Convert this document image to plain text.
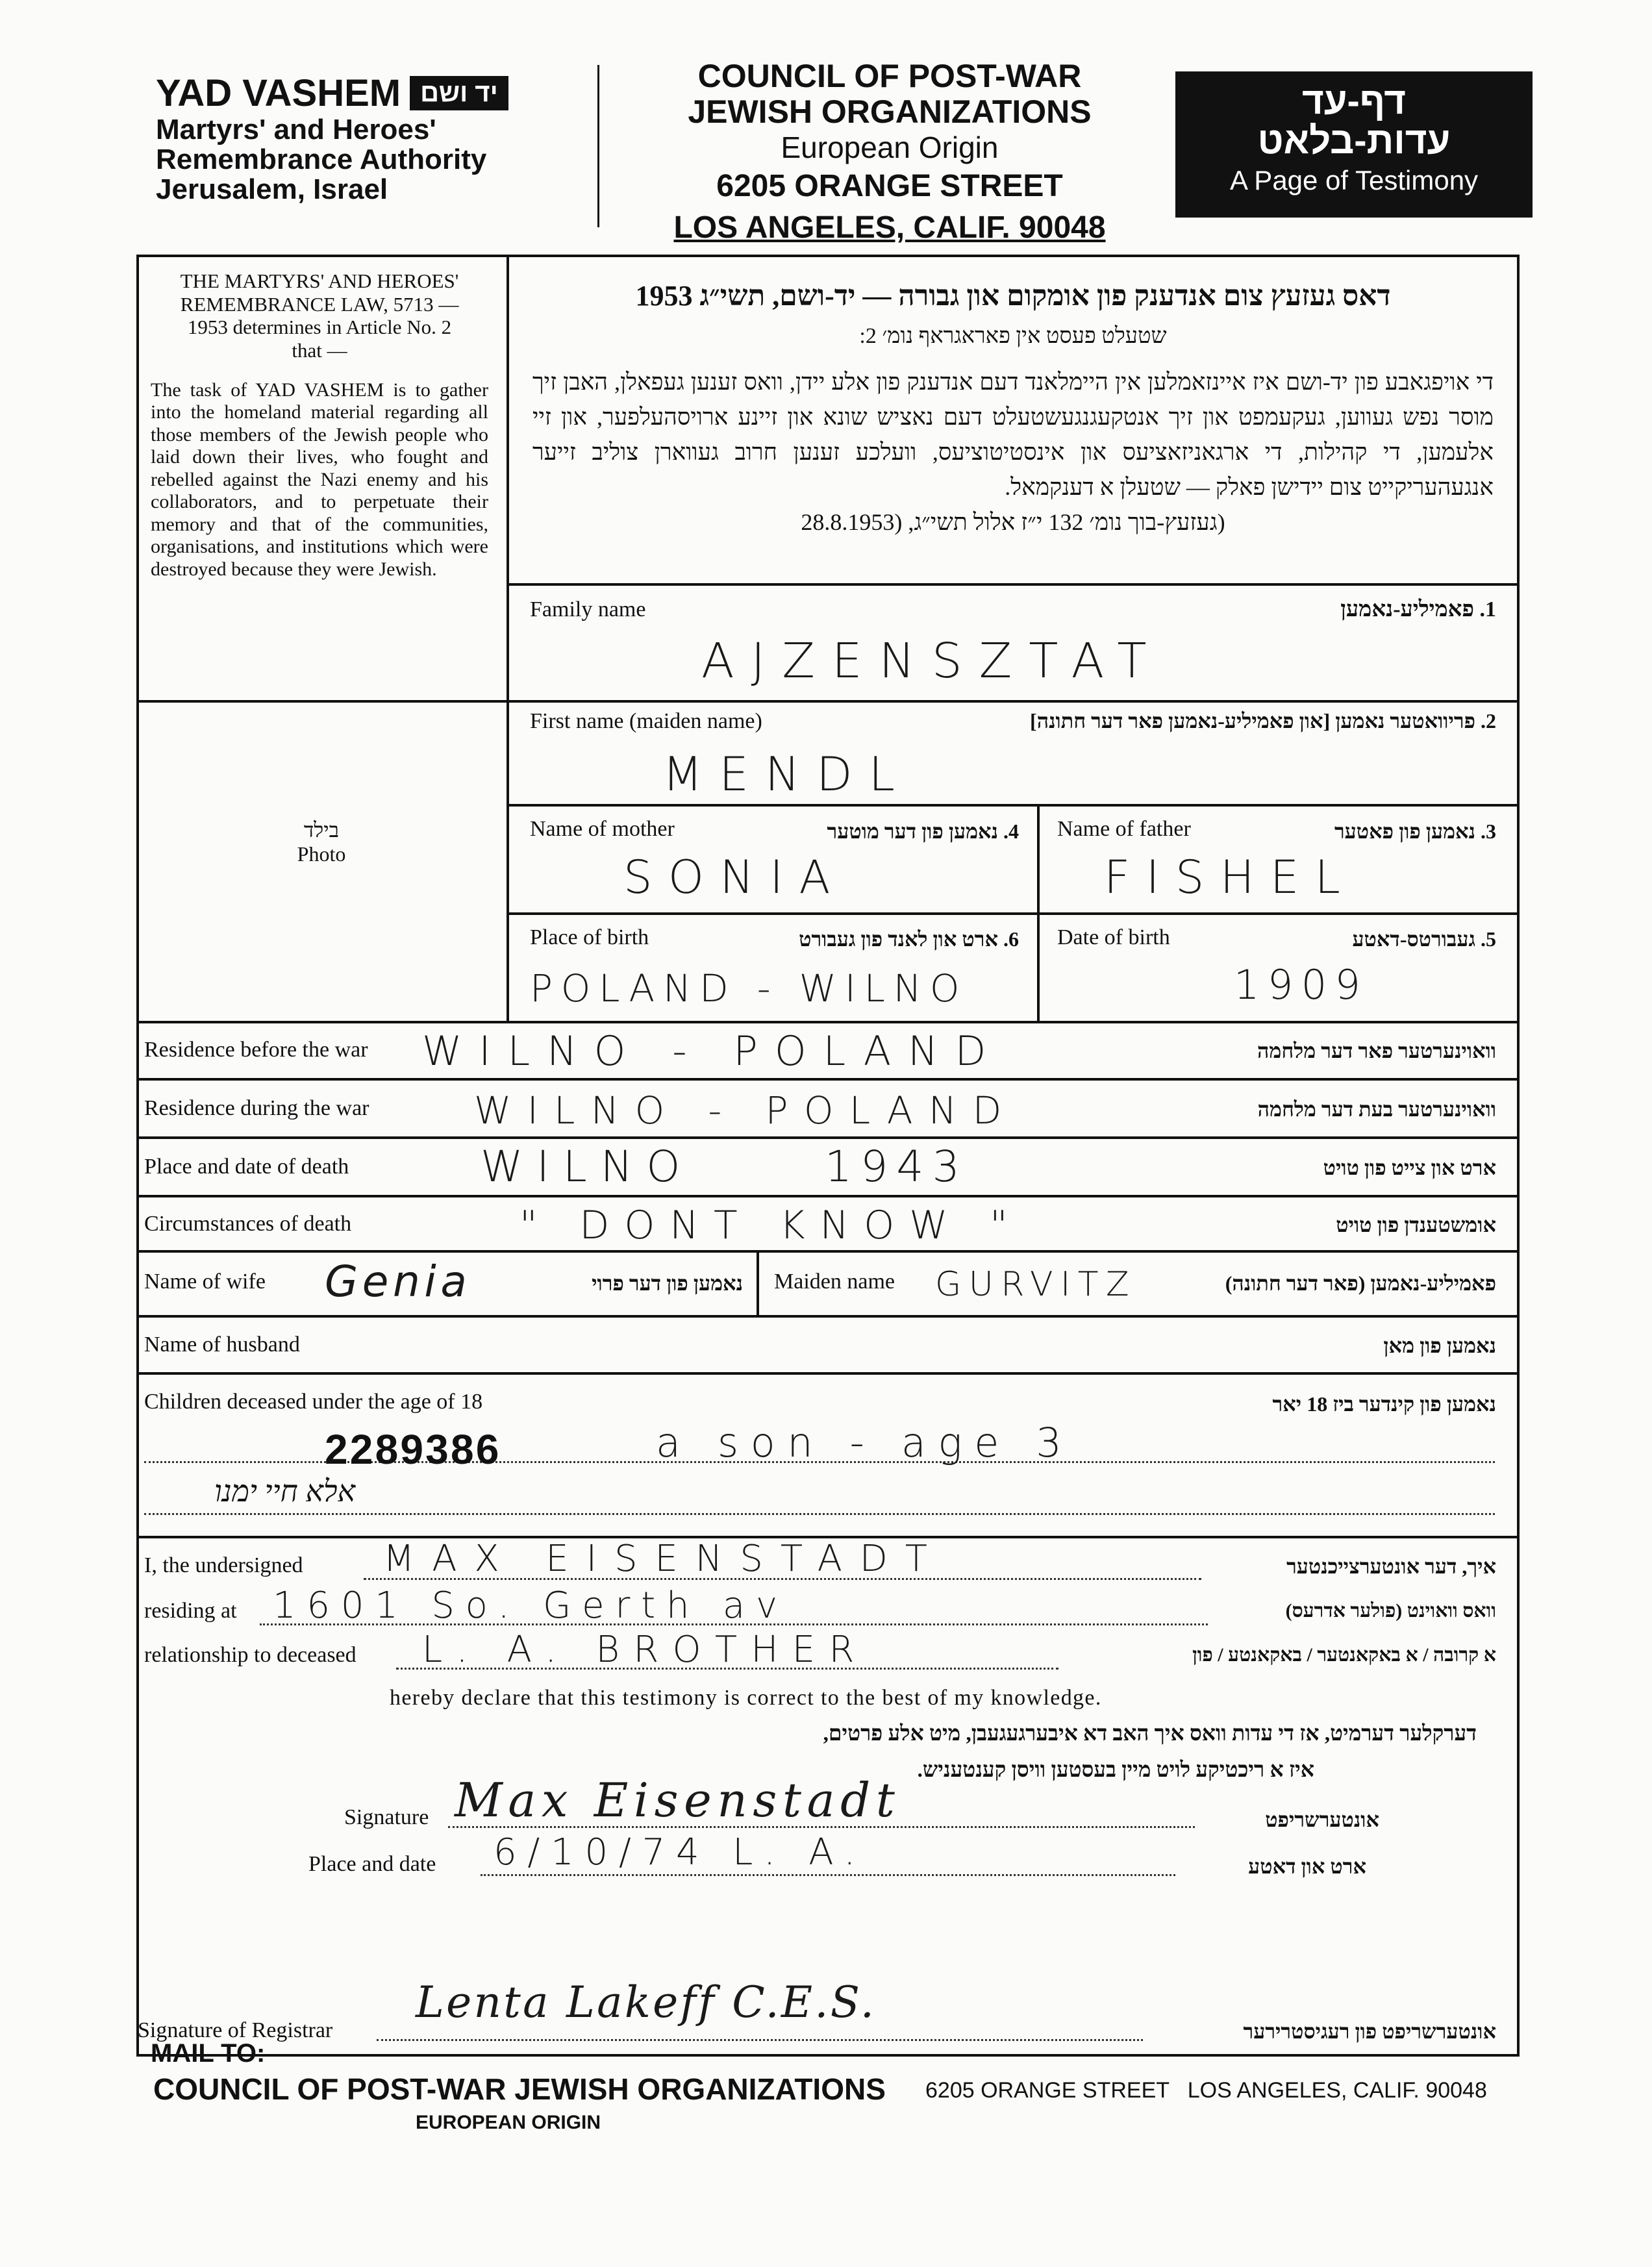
YAD VASHEM יד ושם
Martyrs' and Heroes'
Remembrance Authority
Jerusalem, Israel
COUNCIL OF POST-WAR
JEWISH ORGANIZATIONS
European Origin
6205 ORANGE STREET
LOS ANGELES, CALIF. 90048
דף-עד
עדות-בלאט
A Page of Testimony
THE MARTYRS' AND HEROES' REMEMBRANCE LAW, 5713 — 1953 determines in Article No. 2 that —
The task of YAD VASHEM is to gather into the homeland material regarding all those members of the Jewish people who laid down their lives, who fought and rebelled against the Nazi enemy and his collaborators, and to perpetuate their memory and that of the communities, organisations, and institutions which were destroyed because they were Jewish.
בילד
Photo
דאס געזעץ צום אנדענק פון אומקום און גבורה — יד-ושם, תשי״ג 1953
שטעלט פעסט אין פאראגראף נומ׳ 2:
די אויפגאבע פון יד-ושם איז איינזאמלען אין היימלאנד דעם אנדענק פון אלע יידן, וואס זענען געפאלן, האבן זיך מוסר נפש געווען, געקעמפט און זיך אנטקעגנגעשטעלט דעם נאציש שונא און זיינע ארויסהעלפער, און זיי אלעמען, די קהילות, די ארגאניזאציעס און אינסטיטוציעס, וועלכע זענען חרוב געווארן צוליב זייער אנגעהעריקייט צום יידישן פאלק — שטעלן א דענקמאל.
(געזעץ-בוך נומ׳ 132 י״ז אלול תשי״ג, (28.8.1953
Family name	1. פאמיליע-נאמען
AJZENSZTAT
First name (maiden name)	2. פריוואטער נאמען [און פאמיליע-נאמען פאר דער חתונה]
MENDL
Name of mother	4. נאמען פון דער מוטער
SONIA
Name of father	3. נאמען פון פאטער
FISHEL
Place of birth	6. ארט און לאנד פון געבורט
POLAND - WILNO
Date of birth	5. געבורטס-דאטע
1909
Residence before the war	וואוינערטער פאר דער מלחמה
WILNO - POLAND
Residence during the war	וואוינערטער בעת דער מלחמה
WILNO - POLAND
Place and date of death	ארט און צייט פון טויט
WILNO	1943
Circumstances of death	אומשטענדן פון טויט
" DONT KNOW "
Name of wife Genia	נאמען פון דער פרוי Maiden name GURVITZ	פאמיליע-נאמען (פאר דער חתונה)
Name of husband	נאמען פון מאן
Children deceased under the age of 18	נאמען פון קינדער ביז 18 יאר
2289386	a son - age 3
אלא חיי ימנו
I, the undersigned MAX EISENSTADT	איך, דער אונטערצייכנטער
residing at 1601 So. Gerth av	וואס וואוינט (פולער אדרעס)
relationship to deceased L. A. BROTHER	א קרובה / א באקאנטער / באקאנטע / פון
hereby declare that this testimony is correct to the best of my knowledge.
דערקלער דערמיט, אז די עדות וואס איך האב דא איבערגעגעבן, מיט אלע פרטים,
איז א ריכטיקע לויט מיין בעסטען וויסן קענטעניש.
Signature Max Eisenstadt	אונטערשריפט
Place and date 6/10/74 L. A.	ארט און דאטע
Signature of Registrar
Lenta Lakeff C.E.S.
אונטערשריפט פון רעגיסטרירער
MAIL TO:
COUNCIL OF POST-WAR JEWISH ORGANIZATIONS 6205 ORANGE STREET   LOS ANGELES, CALIF. 90048
EUROPEAN ORIGIN
